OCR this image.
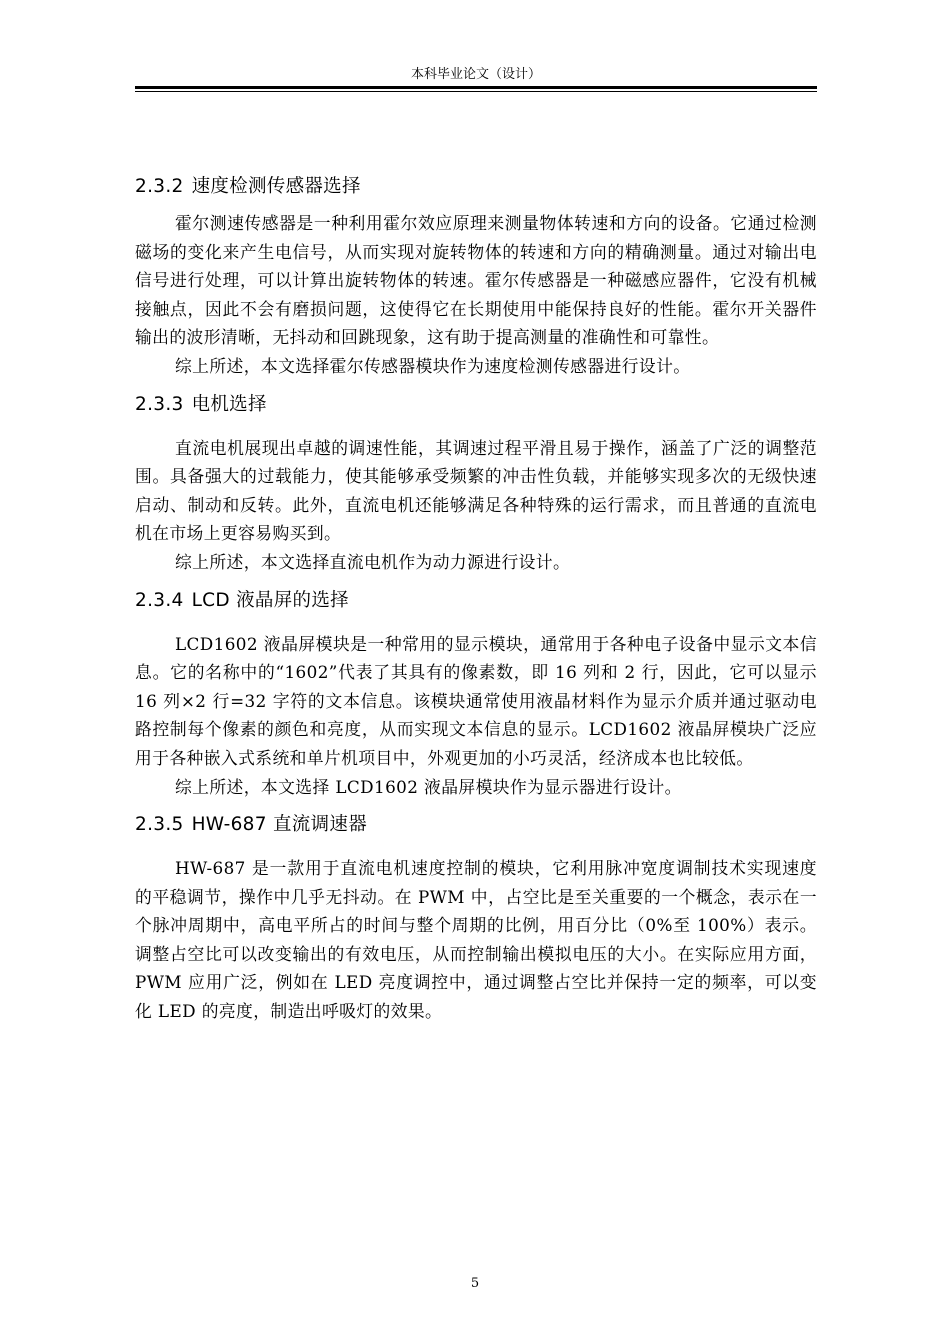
本科毕业论文（设计）
2.3.2 速度检测传感器选择

霍尔测速传感器是一种利用霍尔效应原理来测量物体转速和方向的设备。它通过检测磁场的变化来产生电信号，从而实现对旋转物体的转速和方向的精确测量。通过对输出电信号进行处理，可以计算出旋转物体的转速。霍尔传感器是一种磁感应器件，它没有机械接触点，因此不会有磨损问题，这使得它在长期使用中能保持良好的性能。霍尔开关器件输出的波形清晰，无抖动和回跳现象，这有助于提高测量的准确性和可靠性。

综上所述，本文选择霍尔传感器模块作为速度检测传感器进行设计。

2.3.3 电机选择

直流电机展现出卓越的调速性能，其调速过程平滑且易于操作，涵盖了广泛的调整范围。具备强大的过载能力，使其能够承受频繁的冲击性负载，并能够实现多次的无级快速启动、制动和反转。此外，直流电机还能够满足各种特殊的运行需求，而且普通的直流电机在市场上更容易购买到。

综上所述，本文选择直流电机作为动力源进行设计。

2.3.4 LCD 液晶屏的选择

LCD1602 液晶屏模块是一种常用的显示模块，通常用于各种电子设备中显示文本信息。它的名称中的“1602”代表了其具有的像素数，即 16 列和 2 行，因此，它可以显示 16 列×2 行=32 字符的文本信息。该模块通常使用液晶材料作为显示介质并通过驱动电路控制每个像素的颜色和亮度，从而实现文本信息的显示。LCD1602 液晶屏模块广泛应用于各种嵌入式系统和单片机项目中，外观更加的小巧灵活，经济成本也比较低。

综上所述，本文选择 LCD1602 液晶屏模块作为显示器进行设计。

2.3.5 HW-687 直流调速器

HW-687 是一款用于直流电机速度控制的模块，它利用脉冲宽度调制技术实现速度的平稳调节，操作中几乎无抖动。在 PWM 中，占空比是至关重要的一个概念，表示在一个脉冲周期中，高电平所占的时间与整个周期的比例，用百分比（0%至 100%）表示。调整占空比可以改变输出的有效电压，从而控制输出模拟电压的大小。在实际应用方面，PWM 应用广泛，例如在 LED 亮度调控中，通过调整占空比并保持一定的频率，可以变化 LED 的亮度，制造出呼吸灯的效果。

5
